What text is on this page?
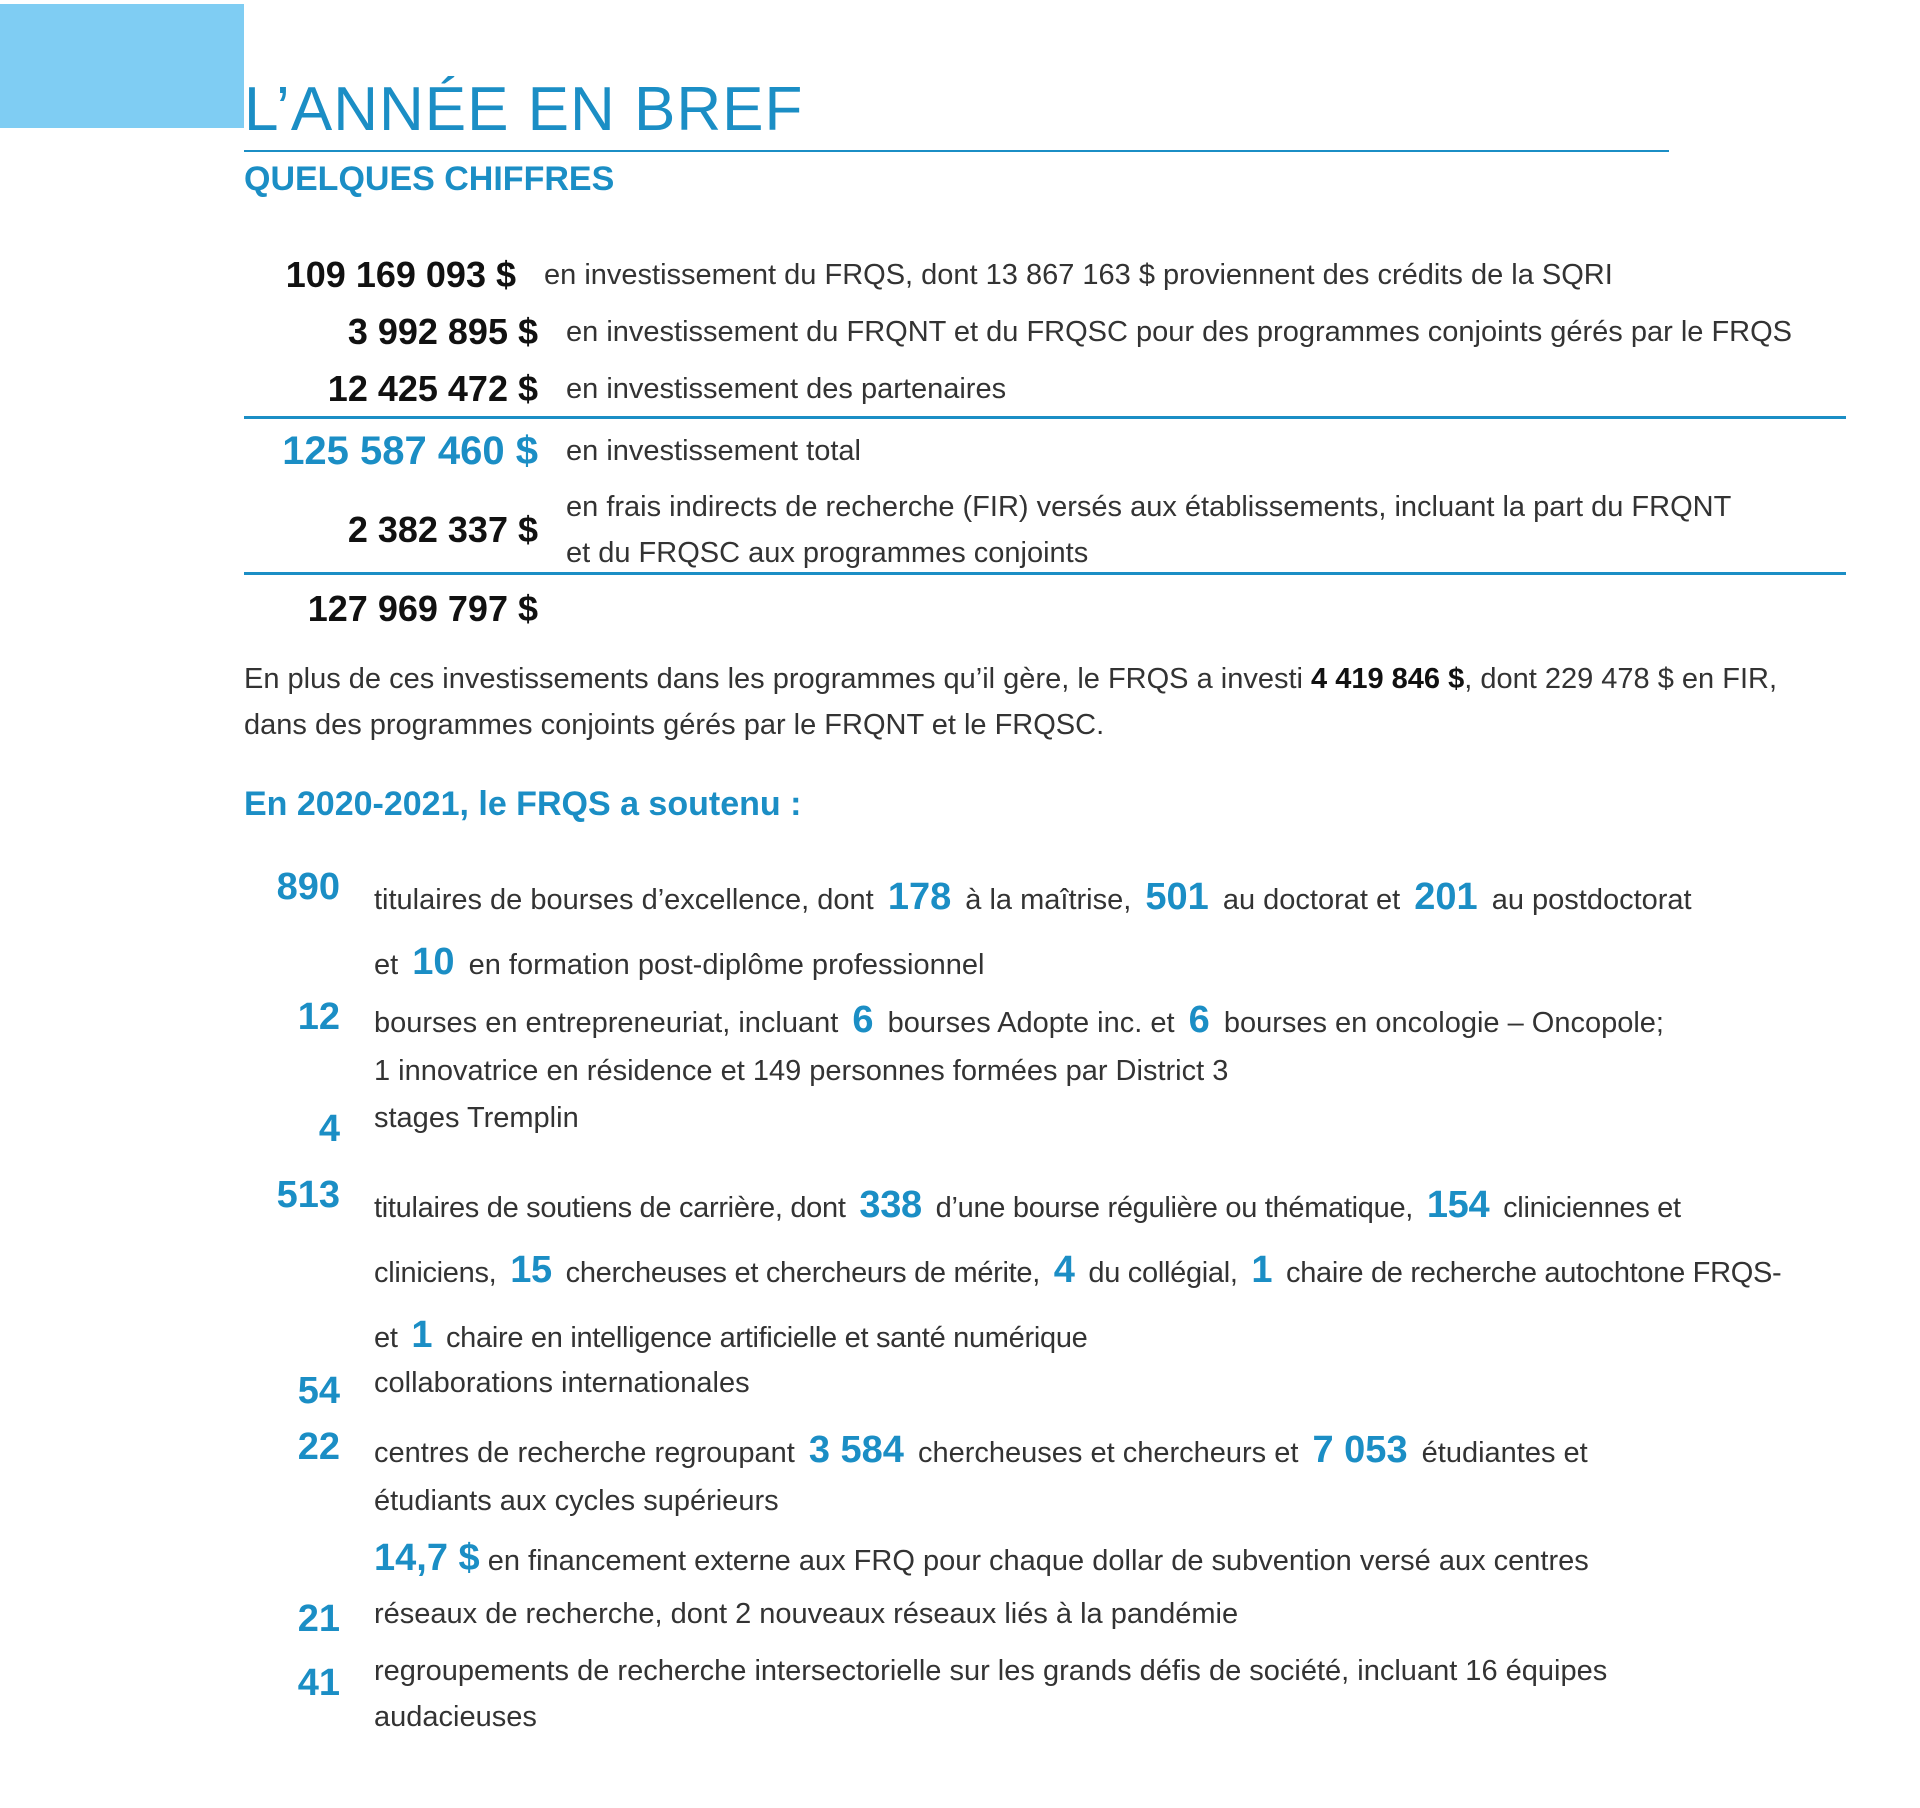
L’ANNÉE EN BREF
QUELQUES CHIFFRES
109 169 093 $ en investissement du FRQS, dont 13 867 163 $ proviennent des crédits de la SQRI
3 992 895 $ en investissement du FRQNT et du FRQSC pour des programmes conjoints gérés par le FRQS
12 425 472 $ en investissement des partenaires
125 587 460 $ en investissement total
2 382 337 $
en frais indirects de recherche (FIR) versés aux établissements, incluant la part du FRQNT
et du FRQSC aux programmes conjoints
127 969 797 $

En plus de ces investissements dans les programmes qu’il gère, le FRQS a investi 4 419 846 $, dont 229 478 $ en FIR, dans des programmes conjoints gérés par le FRQNT et le FRQSC.

En 2020-2021, le FRQS a soutenu :
890 titulaires de bourses d’excellence, dont 178 à la maîtrise, 501 au doctorat et 201 au postdoctorat
et 10 en formation post-diplôme professionnel
12 bourses en entrepreneuriat, incluant 6 bourses Adopte inc. et 6 bourses en oncologie – Oncopole;
1 innovatrice en résidence et 149 personnes formées par District 3
4 stages Tremplin
513 titulaires de soutiens de carrière, dont 338 d’une bourse régulière ou thématique, 154 cliniciennes et
cliniciens, 15 chercheuses et chercheurs de mérite, 4 du collégial, 1 chaire de recherche autochtone FRQS-
et 1 chaire en intelligence artificielle et santé numérique
54 collaborations internationales
22 centres de recherche regroupant 3 584 chercheuses et chercheurs et 7 053 étudiantes et
étudiants aux cycles supérieurs
14,7 $ en financement externe aux FRQ pour chaque dollar de subvention versé aux centres
21 réseaux de recherche, dont 2 nouveaux réseaux liés à la pandémie
41 regroupements de recherche intersectorielle sur les grands défis de société, incluant 16 équipes
audacieuses
